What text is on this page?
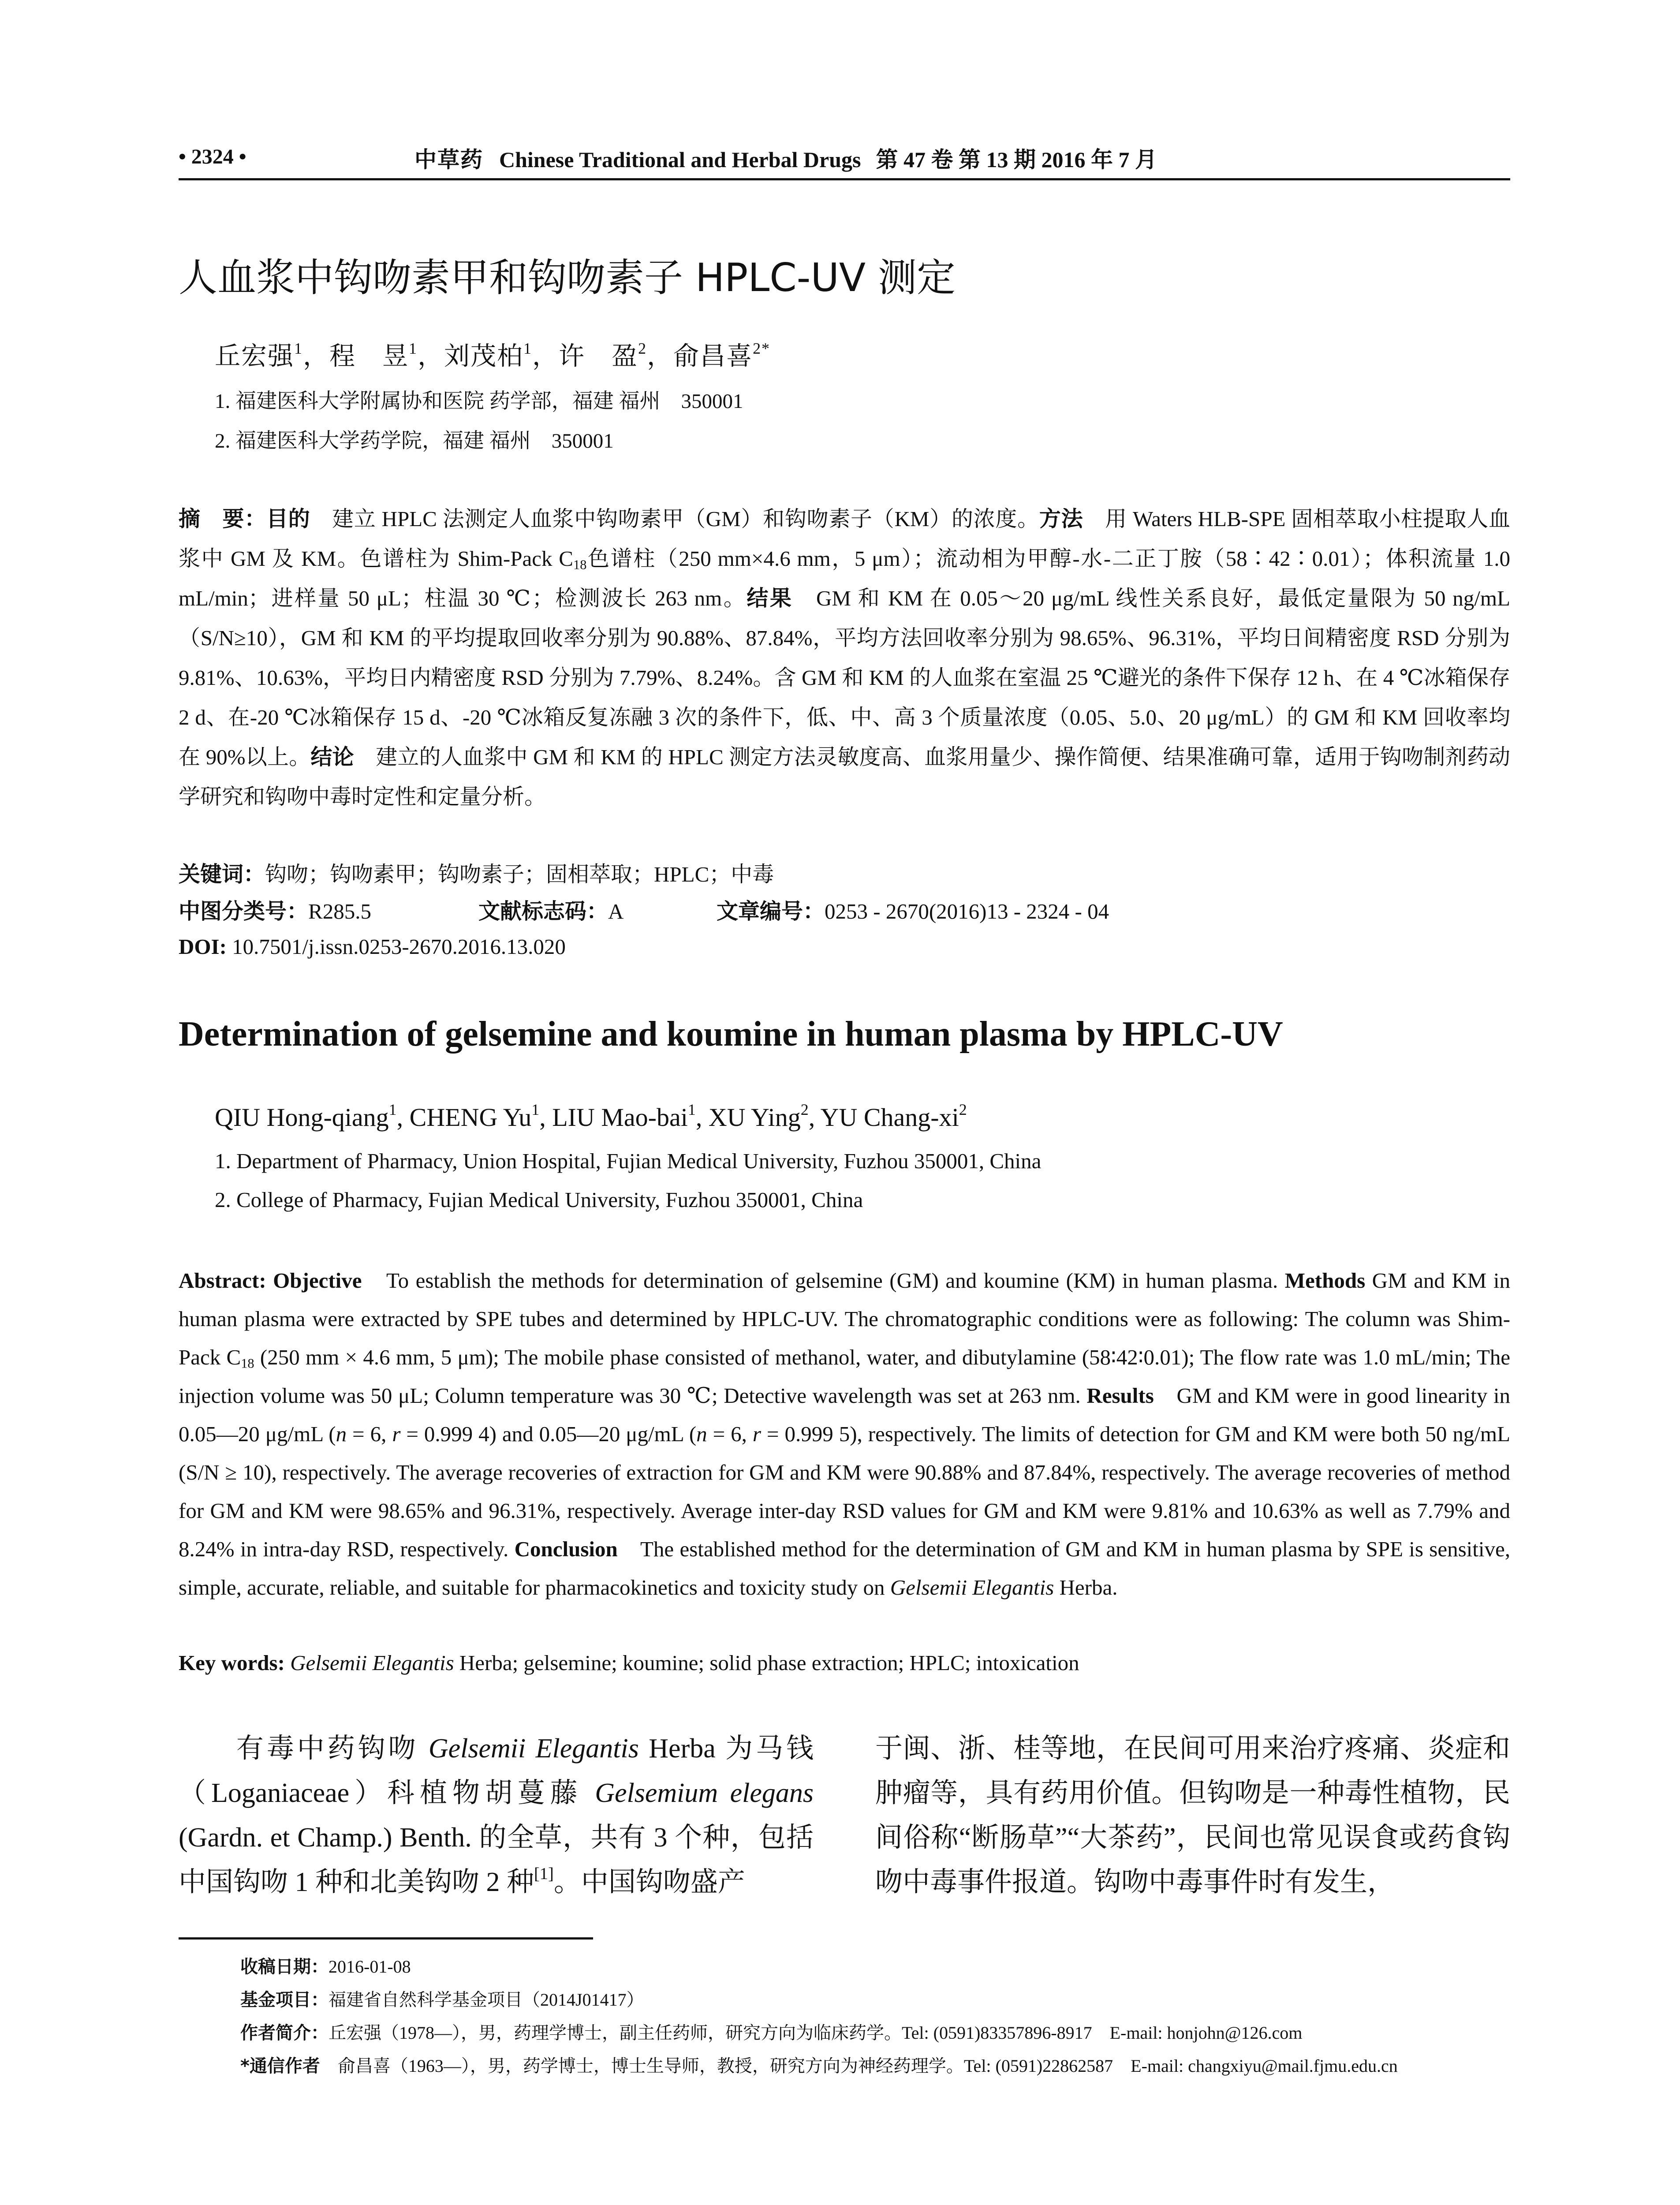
• 2324 •	中草药 Chinese Traditional and Herbal Drugs 第 47 卷 第 13 期 2016 年 7 月
人血浆中钩吻素甲和钩吻素子 HPLC-UV 测定
丘宏强$^1$，程　昱$^1$，刘茂柏$^1$，许　盈$^2$，俞昌喜$^{2*}$
1. 福建医科大学附属协和医院 药学部，福建 福州　350001
2. 福建医科大学药学院，福建 福州　350001
摘　要：目的　建立 HPLC 法测定人血浆中钩吻素甲（GM）和钩吻素子（KM）的浓度。方法　用 Waters HLB-SPE 固相萃取小柱提取人血浆中 GM 及 KM。色谱柱为 Shim-Pack $C_{18}$色谱柱（250 mm×4.6 mm，5 μm）；流动相为甲醇-水-二正丁胺（58∶42∶0.01）；体积流量 1.0 mL/min；进样量 50 μL；柱温 30 ℃；检测波长 263 nm。结果　GM 和 KM 在 0.05～20 μg/mL 线性关系良好，最低定量限为 50 ng/mL（S/N≥10），GM 和 KM 的平均提取回收率分别为 90.88%、87.84%，平均方法回收率分别为 98.65%、96.31%，平均日间精密度 RSD 分别为 9.81%、10.63%，平均日内精密度 RSD 分别为 7.79%、8.24%。含 GM 和 KM 的人血浆在室温 25 ℃避光的条件下保存 12 h、在 4 ℃冰箱保存 2 d、在-20 ℃冰箱保存 15 d、-20 ℃冰箱反复冻融 3 次的条件下，低、中、高 3 个质量浓度（0.05、5.0、20 μg/mL）的 GM 和 KM 回收率均在 90%以上。结论　建立的人血浆中 GM 和 KM 的 HPLC 测定方法灵敏度高、血浆用量少、操作简便、结果准确可靠，适用于钩吻制剂药动学研究和钩吻中毒时定性和定量分析。
关键词：钩吻；钩吻素甲；钩吻素子；固相萃取；HPLC；中毒
中图分类号：R285.5	文献标志码：A	文章编号：0253 - 2670(2016)13 - 2324 - 04
DOI: 10.7501/j.issn.0253-2670.2016.13.020
Determination of gelsemine and koumine in human plasma by HPLC-UV
QIU Hong-qiang$^1$, CHENG Yu$^1$, LIU Mao-bai$^1$, XU Ying$^2$, YU Chang-$xi^2$
1. Department of Pharmacy, Union Hospital, Fujian Medical University, Fuzhou 350001, China
2. College of Pharmacy, Fujian Medical University, Fuzhou 350001, China
Abstract: Objective　To establish the methods for determination of gelsemine (GM) and koumine (KM) in human plasma. Methods GM and KM in human plasma were extracted by SPE tubes and determined by HPLC-UV. The chromatographic conditions were as following: The column was Shim-Pack $C_{18}$ (250 mm × 4.6 mm, 5 μm); The mobile phase consisted of methanol, water, and dibutylamine (58∶42∶0.01); The flow rate was 1.0 mL/min; The injection volume was 50 μL; Column temperature was 30 ℃; Detective wavelength was set at 263 nm. Results　GM and KM were in good linearity in 0.05—20 μg/mL (n = 6, r = 0.999 4) and 0.05—20 μg/mL (n = 6, r = 0.999 5), respectively. The limits of detection for GM and KM were both 50 ng/mL (S/N ≥ 10), respectively. The average recoveries of extraction for GM and KM were 90.88% and 87.84%, respectively. The average recoveries of method for GM and KM were 98.65% and 96.31%, respectively. Average inter-day RSD values for GM and KM were 9.81% and 10.63% as well as 7.79% and 8.24% in intra-day RSD, respectively. Conclusion　The established method for the determination of GM and KM in human plasma by SPE is sensitive, simple, accurate, reliable, and suitable for pharmacokinetics and toxicity study on Gelsemii Elegantis Herba.
Key words: Gelsemii Elegantis Herba; gelsemine; koumine; solid phase extraction; HPLC; intoxication
有毒中药钩吻 Gelsemii Elegantis Herba 为马钱（Loganiaceae）科植物胡蔓藤 Gelsemium elegans (Gardn. et Champ.) Benth. 的全草，共有 3 个种，包括中国钩吻 1 种和北美钩吻 2 种[1]。中国钩吻盛产
于闽、浙、桂等地，在民间可用来治疗疼痛、炎症和肿瘤等，具有药用价值。但钩吻是一种毒性植物，民间俗称“断肠草”“大茶药”，民间也常见误食或药食钩吻中毒事件报道。钩吻中毒事件时有发生，
收稿日期：2016-01-08
基金项目：福建省自然科学基金项目（2014J01417）
作者简介：丘宏强（1978—），男，药理学博士，副主任药师，研究方向为临床药学。Tel: (0591)83357896-8917　E-mail: honjohn@126.com
*通信作者　俞昌喜（1963—），男，药学博士，博士生导师，教授，研究方向为神经药理学。Tel: (0591)22862587　E-mail: changxiyu@mail.fjmu.edu.cn
